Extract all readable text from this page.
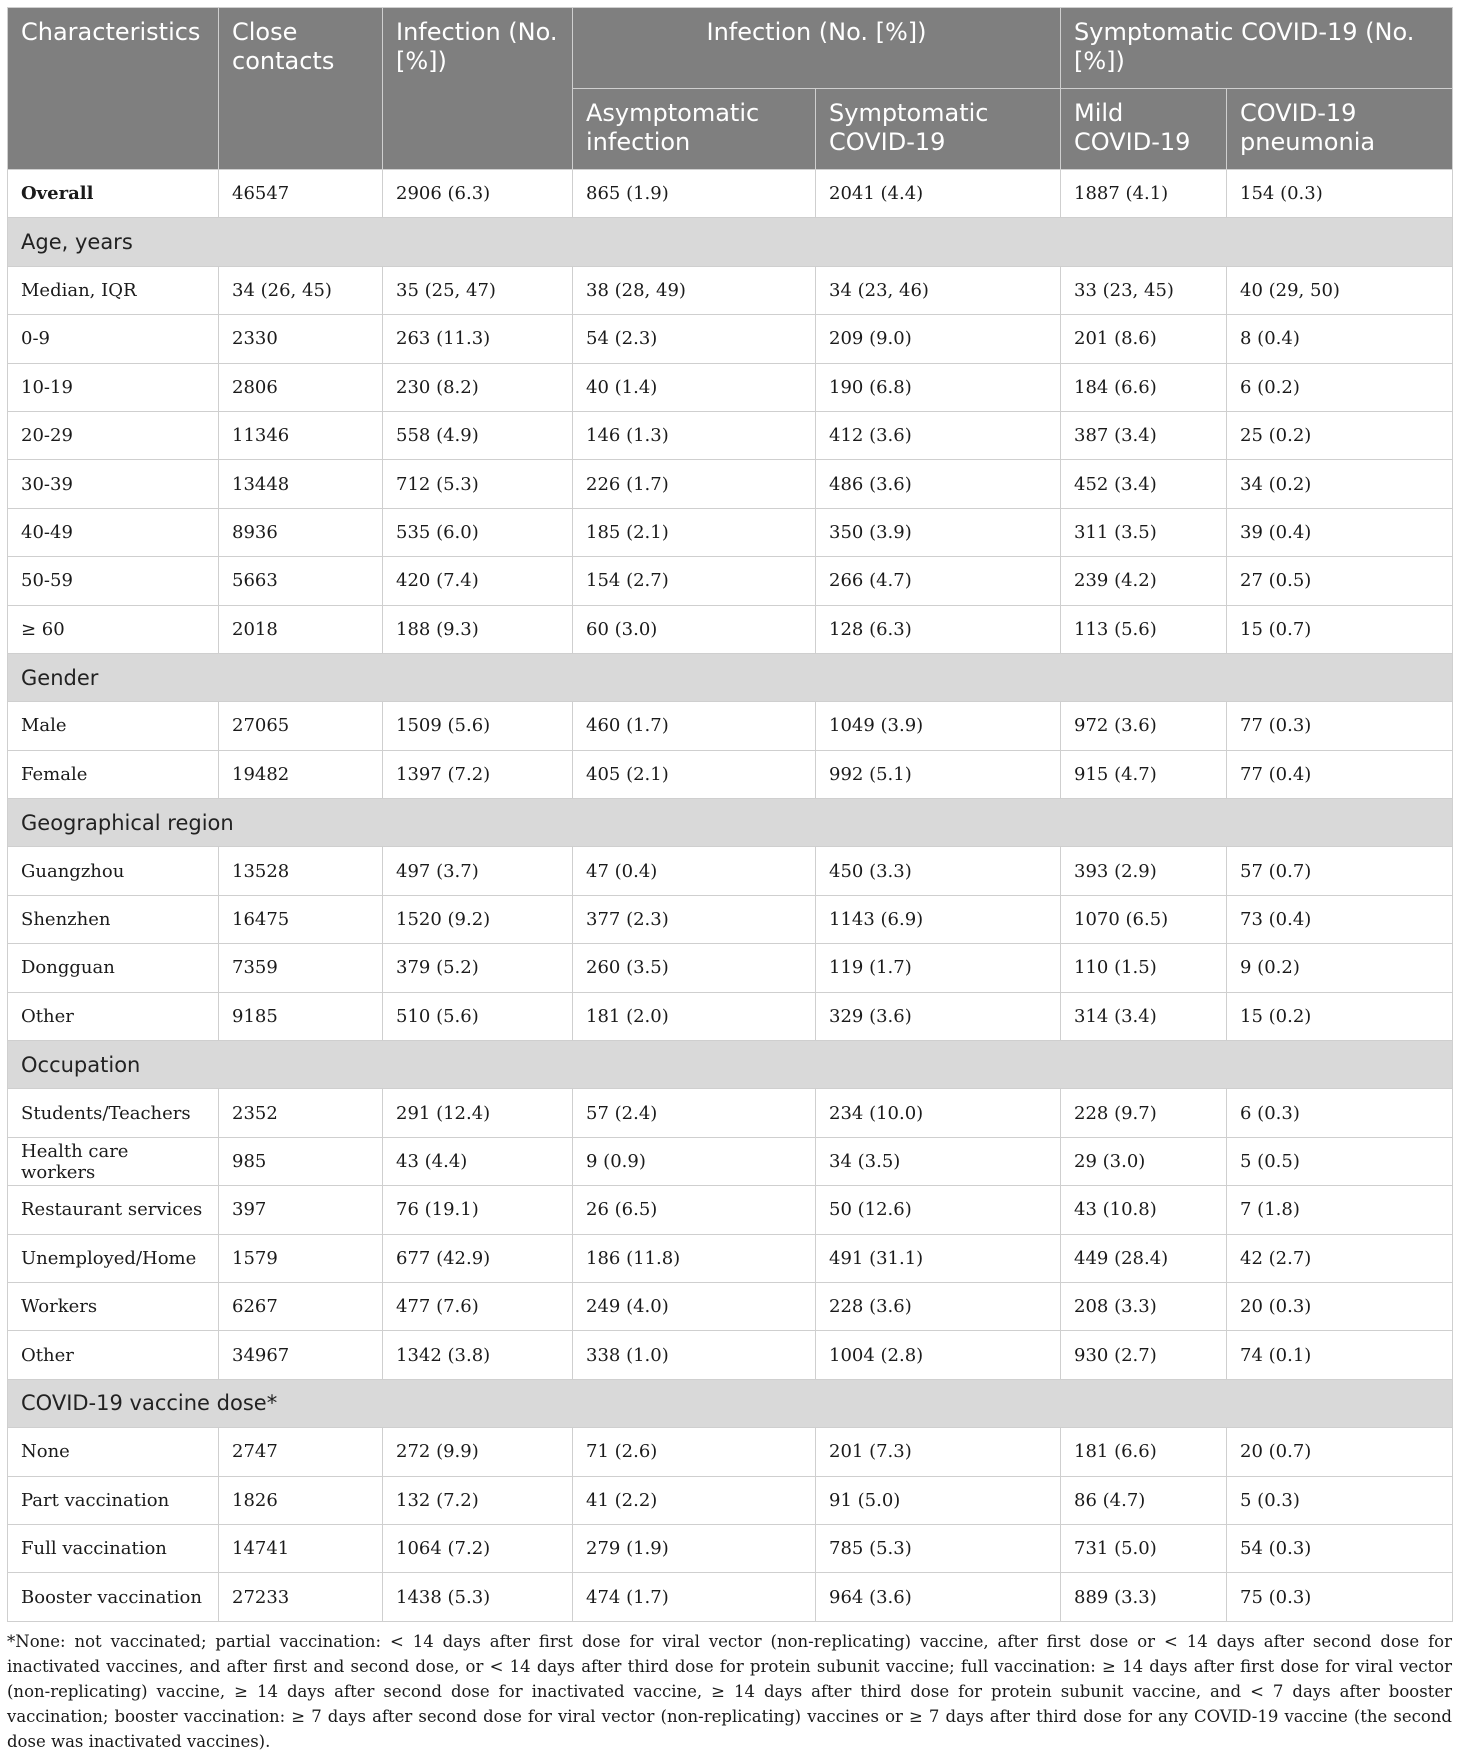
Characteristics	Close contacts	Infection (No. [%])	Infection (No. [%])		Symptomatic COVID-19 (No. [%])	
			Asymptomatic infection	Symptomatic COVID-19	Mild COVID-19	COVID-19 pneumonia
Overall	46547	2906 (6.3)	865 (1.9)	2041 (4.4)	1887 (4.1)	154 (0.3)
Age, years						
Median, IQR	34 (26, 45)	35 (25, 47)	38 (28, 49)	34 (23, 46)	33 (23, 45)	40 (29, 50)
0-9	2330	263 (11.3)	54 (2.3)	209 (9.0)	201 (8.6)	8 (0.4)
10-19	2806	230 (8.2)	40 (1.4)	190 (6.8)	184 (6.6)	6 (0.2)
20-29	11346	558 (4.9)	146 (1.3)	412 (3.6)	387 (3.4)	25 (0.2)
30-39	13448	712 (5.3)	226 (1.7)	486 (3.6)	452 (3.4)	34 (0.2)
40-49	8936	535 (6.0)	185 (2.1)	350 (3.9)	311 (3.5)	39 (0.4)
50-59	5663	420 (7.4)	154 (2.7)	266 (4.7)	239 (4.2)	27 (0.5)
≥ 60	2018	188 (9.3)	60 (3.0)	128 (6.3)	113 (5.6)	15 (0.7)
Gender						
Male	27065	1509 (5.6)	460 (1.7)	1049 (3.9)	972 (3.6)	77 (0.3)
Female	19482	1397 (7.2)	405 (2.1)	992 (5.1)	915 (4.7)	77 (0.4)
Geographical region						
Guangzhou	13528	497 (3.7)	47 (0.4)	450 (3.3)	393 (2.9)	57 (0.7)
Shenzhen	16475	1520 (9.2)	377 (2.3)	1143 (6.9)	1070 (6.5)	73 (0.4)
Dongguan	7359	379 (5.2)	260 (3.5)	119 (1.7)	110 (1.5)	9 (0.2)
Other	9185	510 (5.6)	181 (2.0)	329 (3.6)	314 (3.4)	15 (0.2)
Occupation						
Students/Teachers	2352	291 (12.4)	57 (2.4)	234 (10.0)	228 (9.7)	6 (0.3)
Health care workers	985	43 (4.4)	9 (0.9)	34 (3.5)	29 (3.0)	5 (0.5)
Restaurant services	397	76 (19.1)	26 (6.5)	50 (12.6)	43 (10.8)	7 (1.8)
Unemployed/Home	1579	677 (42.9)	186 (11.8)	491 (31.1)	449 (28.4)	42 (2.7)
Workers	6267	477 (7.6)	249 (4.0)	228 (3.6)	208 (3.3)	20 (0.3)
Other	34967	1342 (3.8)	338 (1.0)	1004 (2.8)	930 (2.7)	74 (0.1)
COVID-19 vaccine dose*						
None	2747	272 (9.9)	71 (2.6)	201 (7.3)	181 (6.6)	20 (0.7)
Part vaccination	1826	132 (7.2)	41 (2.2)	91 (5.0)	86 (4.7)	5 (0.3)
Full vaccination	14741	1064 (7.2)	279 (1.9)	785 (5.3)	731 (5.0)	54 (0.3)
Booster vaccination	27233	1438 (5.3)	474 (1.7)	964 (3.6)	889 (3.3)	75 (0.3)
*None: not vaccinated; partial vaccination: < 14 days after first dose for viral vector (non-replicating) vaccine, after first dose or < 14 days after second dose for inactivated vaccines, and after first and second dose, or < 14 days after third dose for protein subunit vaccine; full vaccination: ≥ 14 days after first dose for viral vector (non-replicating) vaccine, ≥ 14 days after second dose for inactivated vaccine, ≥ 14 days after third dose for protein subunit vaccine, and < 7 days after booster vaccination; booster vaccination: ≥ 7 days after second dose for viral vector (non-replicating) vaccines or ≥ 7 days after third dose for any COVID-19 vaccine (the second dose was inactivated vaccines).
